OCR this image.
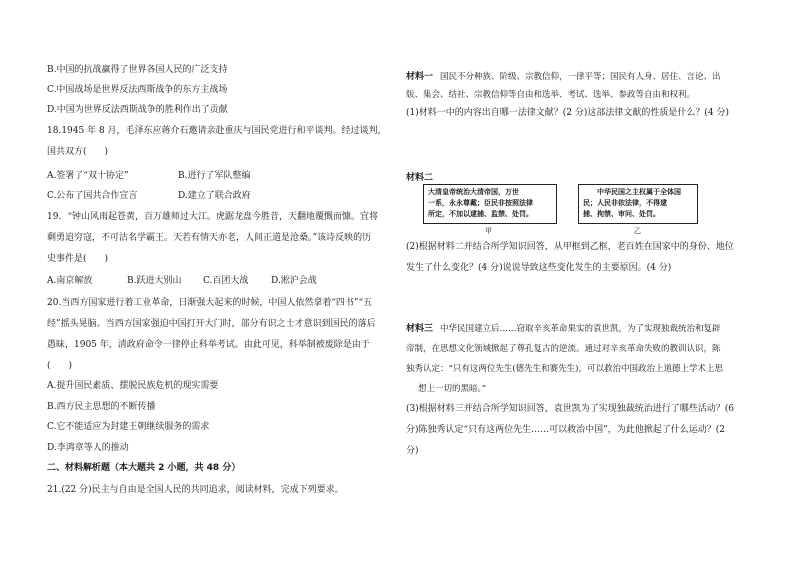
B.中国的抗战赢得了世界各国人民的广泛支持
C.中国战场是世界反法西斯战争的东方主战场
D.中国为世界反法西斯战争的胜利作出了贡献
18.1945 年 8 月，毛泽东应蒋介石邀请亲赴重庆与国民党进行和平谈判。经过谈判，
国共双方(　　)
A.签署了“双十协定”	B.进行了军队整编
C.公布了国共合作宣言	D.建立了联合政府
19．“钟山风雨起苍黄，百万雄师过大江。虎踞龙盘今胜昔，天翻地覆慨而慷。宜将
剩勇追穷寇，不可沽名学霸王。天若有情天亦老，人间正道是沧桑。”该诗反映的历
史事件是(　　)
A.南京解放	B.跃进大别山 C.百团大战	D.淞沪会战
20.当西方国家进行着工业革命，日渐强大起来的时候，中国人依然拿着“四书”“五
经”摇头晃脑。当西方国家强迫中国打开大门时，部分有识之士才意识到国民的落后
愚昧，1905 年，清政府命令一律停止科举考试。由此可见，科举制被废除是由于
(　　)
A.提升国民素质、摆脱民族危机的现实需要
B.西方民主思想的不断传播
C.它不能适应为封建王朝继续服务的需求
D.李鸿章等人的推动
二、材料解析题（本大题共 2 小题，共 48 分）
21.(22 分)民主与自由是全国人民的共同追求，阅读材料，完成下列要求。
材料一 国民不分种族、阶级、宗教信仰，一律平等；国民有人身、居住、言论、出
版、集会、结社、宗教信仰等自由和选举、考试、选举、参政等自由和权利。
(1)材料一中的内容出自哪一法律文献？(2 分)这部法律文献的性质是什么？(4 分)
材料二
大清皇帝统治大清帝国，万世
一系，永永尊戴；臣民非按照法律
所定，不加以逮捕、监禁、处罚。
甲
中华民国之主权属于全体国
民；人民非依法律，不得逮
捕、拘禁、审问、处罚。
乙
(2)根据材料二并结合所学知识回答，从甲框到乙框，老百姓在国家中的身份、地位
发生了什么变化？(4 分)说说导致这些变化发生的主要原因。(4 分)
材料三 中华民国建立后……窃取辛亥革命果实的袁世凯，为了实现独裁统治和复辟
帝制，在思想文化领域掀起了尊孔复古的逆流。通过对辛亥革命失败的教训认识，陈
独秀认定：“只有这两位先生(德先生和赛先生)，可以救治中国政治上道德上学术上思
想上一切的黑暗。”
(3)根据材料三并结合所学知识回答，袁世凯为了实现独裁统治进行了哪些活动？(6
分)陈独秀认定“只有这两位先生……可以救治中国”，为此他掀起了什么运动？(2
分)
